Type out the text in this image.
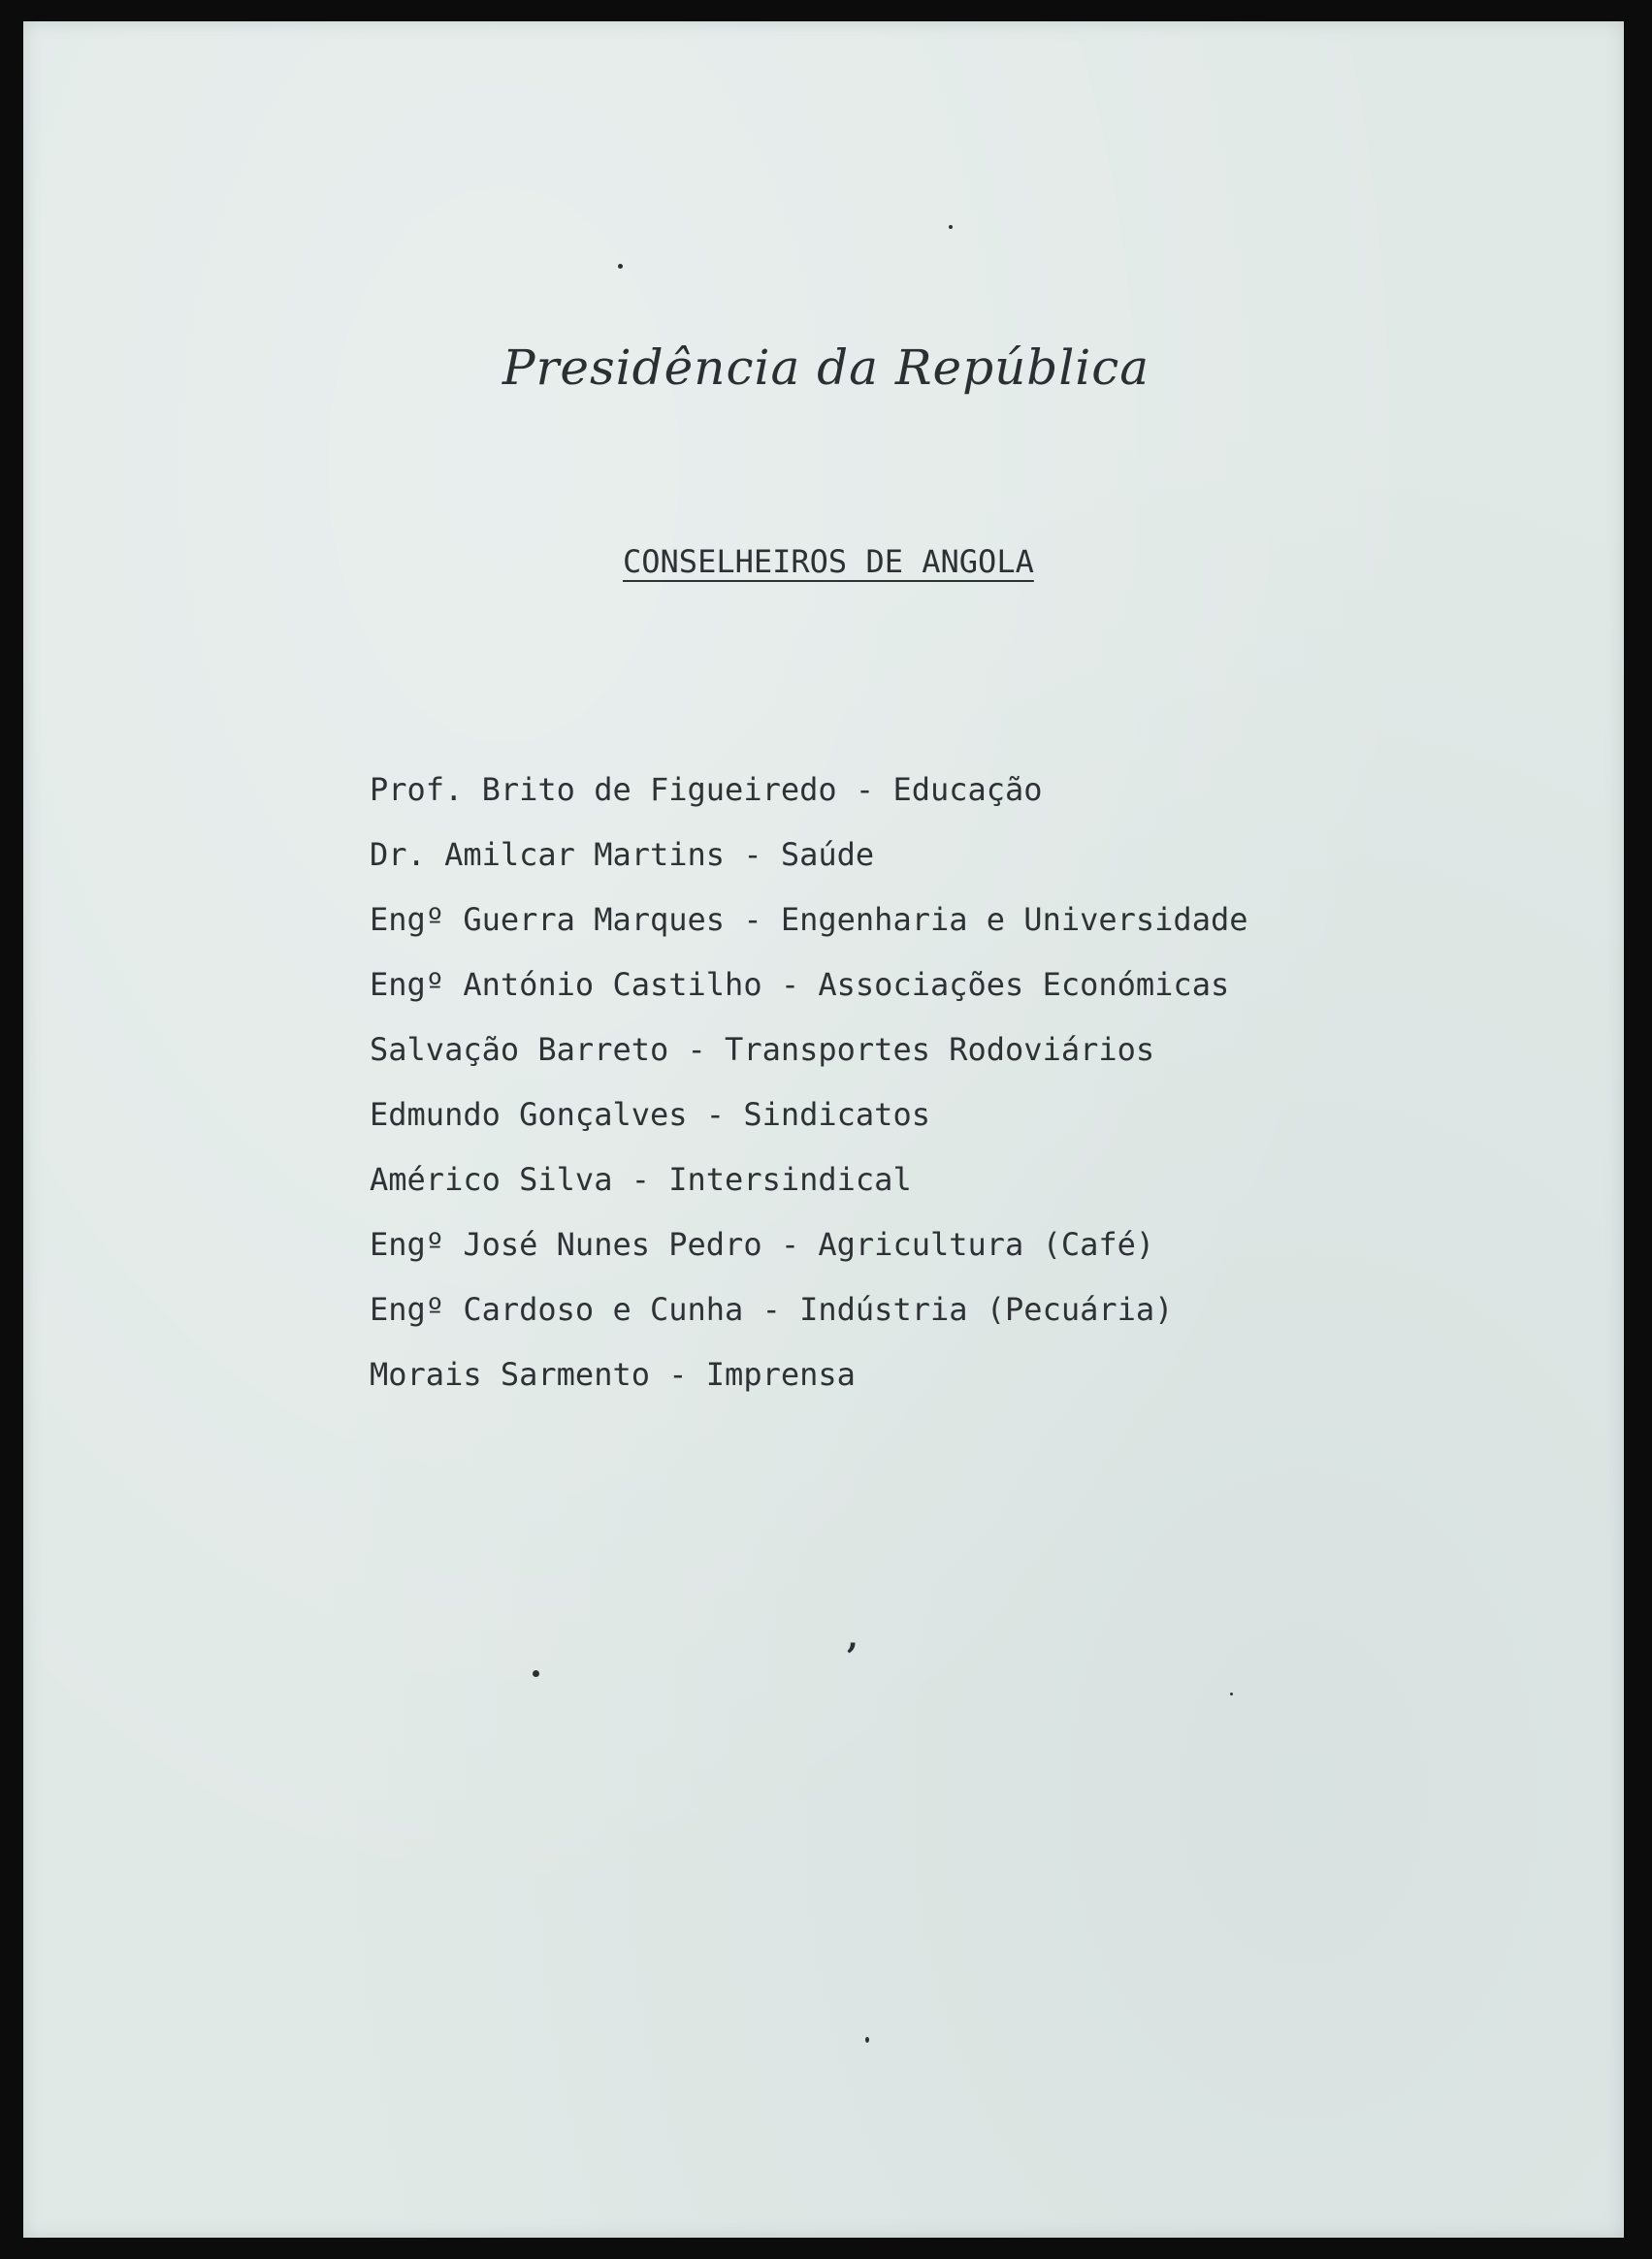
Presidência da República
CONSELHEIROS DE ANGOLA
Prof. Brito de Figueiredo - Educação
Dr. Amilcar Martins - Saúde
Engº Guerra Marques - Engenharia e Universidade
Engº António Castilho - Associações Económicas
Salvação Barreto - Transportes Rodoviários
Edmundo Gonçalves - Sindicatos
Américo Silva - Intersindical
Engº José Nunes Pedro - Agricultura (Café)
Engº Cardoso e Cunha - Indústria (Pecuária)
Morais Sarmento - Imprensa
,
